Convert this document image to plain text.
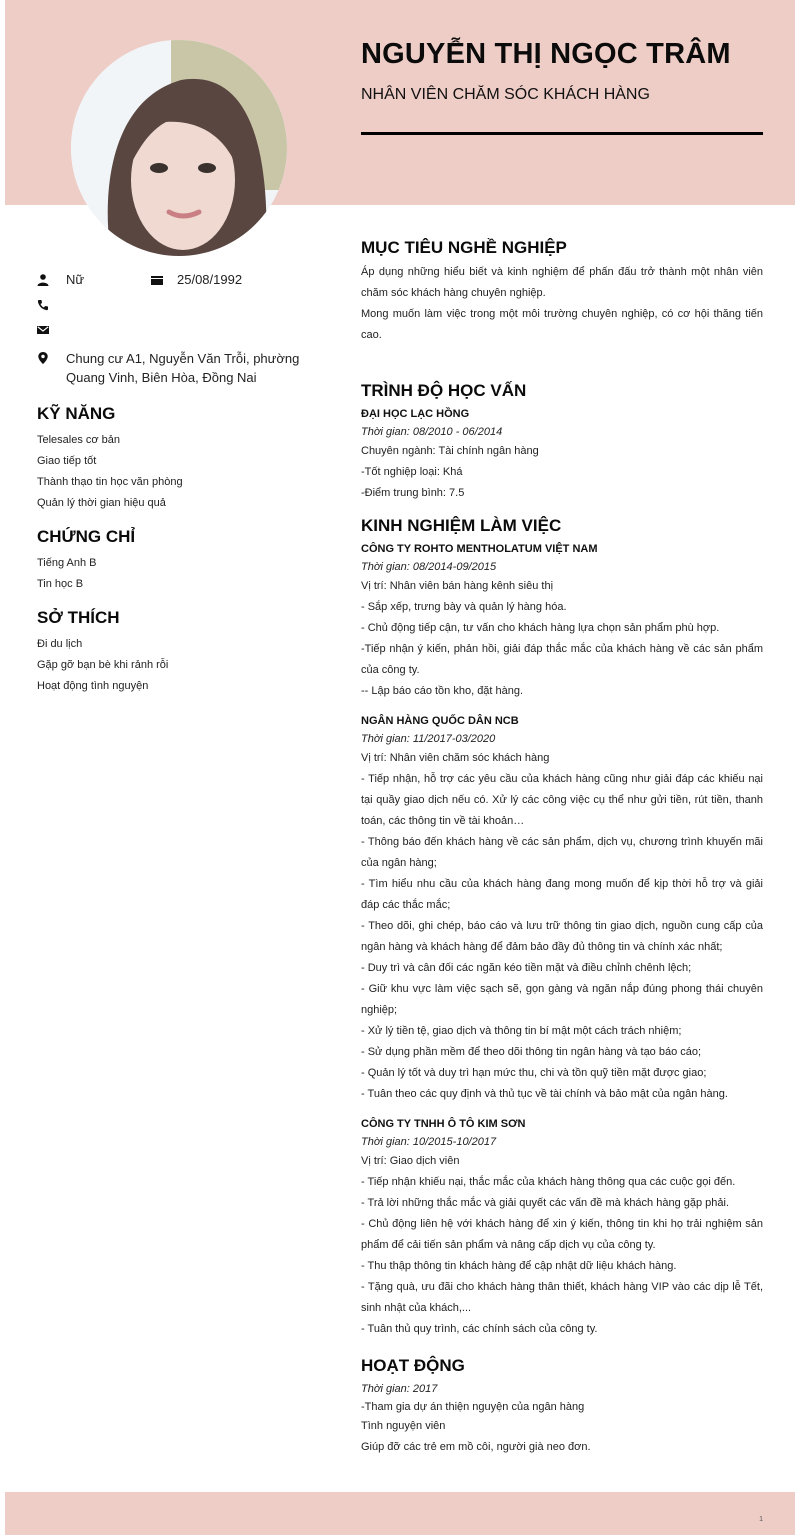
NGUYỄN THỊ NGỌC TRÂM
NHÂN VIÊN CHĂM SÓC KHÁCH HÀNG
Nữ	25/08/1992
Chung cư A1, Nguyễn Văn Trỗi, phường
Quang Vinh, Biên Hòa, Đồng Nai
KỸ NĂNG
Telesales cơ bản
Giao tiếp tốt
Thành thạo tin học văn phòng
Quản lý thời gian hiệu quả
CHỨNG CHỈ
Tiếng Anh B
Tin học B
SỞ THÍCH
Đi du lịch
Gặp gỡ bạn bè khi rảnh rỗi
Hoạt động tình nguyện
MỤC TIÊU NGHỀ NGHIỆP

Áp dụng những hiểu biết và kinh nghiệm để phấn đấu trở thành một nhân viên chăm sóc khách hàng chuyên nghiệp.

Mong muốn làm việc trong một môi trường chuyên nghiệp, có cơ hội thăng tiến cao.

TRÌNH ĐỘ HỌC VẤN
ĐẠI HỌC LẠC HỒNG
Thời gian: 08/2010 - 06/2014
Chuyên ngành: Tài chính ngân hàng
-Tốt nghiệp loại: Khá
-Điểm trung bình: 7.5
KINH NGHIỆM LÀM VIỆC
CÔNG TY ROHTO MENTHOLATUM VIỆT NAM
Thời gian: 08/2014-09/2015
Vị trí: Nhân viên bán hàng kênh siêu thị
- Sắp xếp, trưng bày và quản lý hàng hóa.
- Chủ động tiếp cận, tư vấn cho khách hàng lựa chọn sản phẩm phù hợp.
-Tiếp nhận ý kiến, phản hồi, giải đáp thắc mắc của khách hàng về các sản phẩm của công ty.
-- Lập báo cáo tồn kho, đặt hàng.
NGÂN HÀNG QUỐC DÂN NCB
Thời gian: 11/2017-03/2020
Vị trí: Nhân viên chăm sóc khách hàng
- Tiếp nhận, hỗ trợ các yêu cầu của khách hàng cũng như giải đáp các khiếu nại tại quầy giao dịch nếu có. Xử lý các công việc cụ thể như gửi tiền, rút tiền, thanh toán, các thông tin về tài khoản…
- Thông báo đến khách hàng về các sản phẩm, dịch vụ, chương trình khuyến mãi của ngân hàng;
- Tìm hiểu nhu cầu của khách hàng đang mong muốn để kịp thời hỗ trợ và giải đáp các thắc mắc;
- Theo dõi, ghi chép, báo cáo và lưu trữ thông tin giao dịch, nguồn cung cấp của ngân hàng và khách hàng để đảm bảo đầy đủ thông tin và chính xác nhất;
- Duy trì và cân đối các ngăn kéo tiền mặt và điều chỉnh chênh lệch;
- Giữ khu vực làm việc sạch sẽ, gọn gàng và ngăn nắp đúng phong thái chuyên nghiệp;
- Xử lý tiền tệ, giao dịch và thông tin bí mật một cách trách nhiệm;
- Sử dụng phần mềm để theo dõi thông tin ngân hàng và tạo báo cáo;
- Quản lý tốt và duy trì hạn mức thu, chi và tồn quỹ tiền mặt được giao;
- Tuân theo các quy định và thủ tục về tài chính và bảo mật của ngân hàng.
CÔNG TY TNHH Ô TÔ KIM SƠN
Thời gian: 10/2015-10/2017
Vị trí: Giao dịch viên
- Tiếp nhận khiếu nại, thắc mắc của khách hàng thông qua các cuộc gọi đến.
- Trả lời những thắc mắc và giải quyết các vấn đề mà khách hàng gặp phải.
- Chủ động liên hệ với khách hàng để xin ý kiến, thông tin khi họ trải nghiệm sản phẩm để cải tiến sản phẩm và nâng cấp dịch vụ của công ty.
- Thu thập thông tin khách hàng để cập nhật dữ liệu khách hàng.
- Tặng quà, ưu đãi cho khách hàng thân thiết, khách hàng VIP vào các dịp lễ Tết, sinh nhật của khách,...
- Tuân thủ quy trình, các chính sách của công ty.
HOẠT ĐỘNG
Thời gian: 2017
-Tham gia dự án thiện nguyện của ngân hàng
Tình nguyện viên
Giúp đỡ các trẻ em mồ côi, người già neo đơn.
1
